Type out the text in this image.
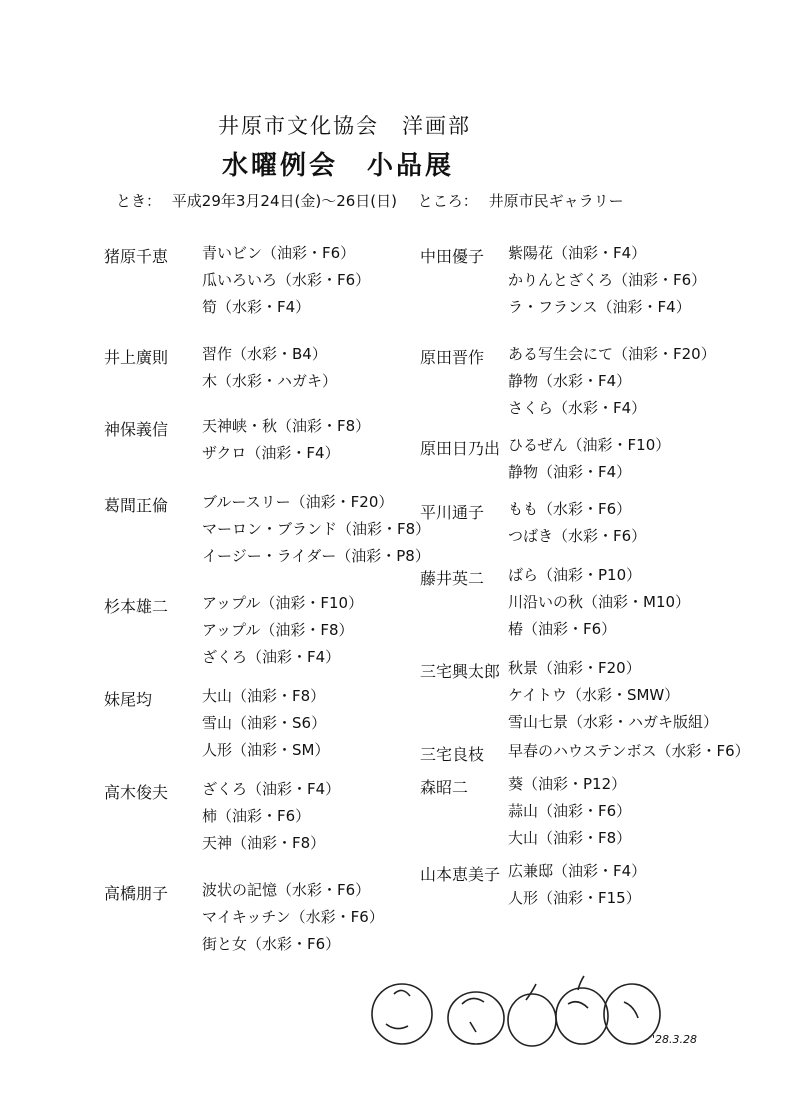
井原市文化協会　洋画部
水曜例会　小品展
とき： 平成29年3月24日(金)～26日(日) ところ： 井原市民ギャラリー
猪原千恵	青いビン（油彩・F6）
瓜いろいろ（水彩・F6）
筍（水彩・F4）
井上廣則	習作（水彩・B4）
木（水彩・ハガキ）
神保義信	天神峡・秋（油彩・F8）
ザクロ（油彩・F4）
葛間正倫	ブルースリー（油彩・F20）
マーロン・ブランド（油彩・F8）
イージー・ライダー（油彩・P8）
杉本雄二	アップル（油彩・F10）
アップル（油彩・F8）
ざくろ（油彩・F4）
妹尾均	大山（油彩・F8）
雪山（油彩・S6）
人形（油彩・SM）
高木俊夫	ざくろ（油彩・F4）
柿（油彩・F6）
天神（油彩・F8）
高橋朋子	波状の記憶（水彩・F6）
マイキッチン（水彩・F6）
街と女（水彩・F6）
中田優子	紫陽花（油彩・F4）
かりんとざくろ（油彩・F6）
ラ・フランス（油彩・F4）
原田晋作	ある写生会にて（油彩・F20）
静物（水彩・F4）
さくら（水彩・F4）
原田日乃出 ひるぜん（油彩・F10）
静物（油彩・F4）
平川通子	もも（水彩・F6）
つばき（水彩・F6）
藤井英二	ばら（油彩・P10）
川沿いの秋（油彩・M10）
椿（油彩・F6）
三宅興太郎 秋景（油彩・F20）
ケイトウ（水彩・SMW）
雪山七景（水彩・ハガキ版組）
三宅良枝	早春のハウステンボス（水彩・F6）
森昭二	葵（油彩・P12）
蒜山（油彩・F6）
大山（油彩・F8）
山本恵美子 広兼邸（油彩・F4）
人形（油彩・F15）
'28.3.28
